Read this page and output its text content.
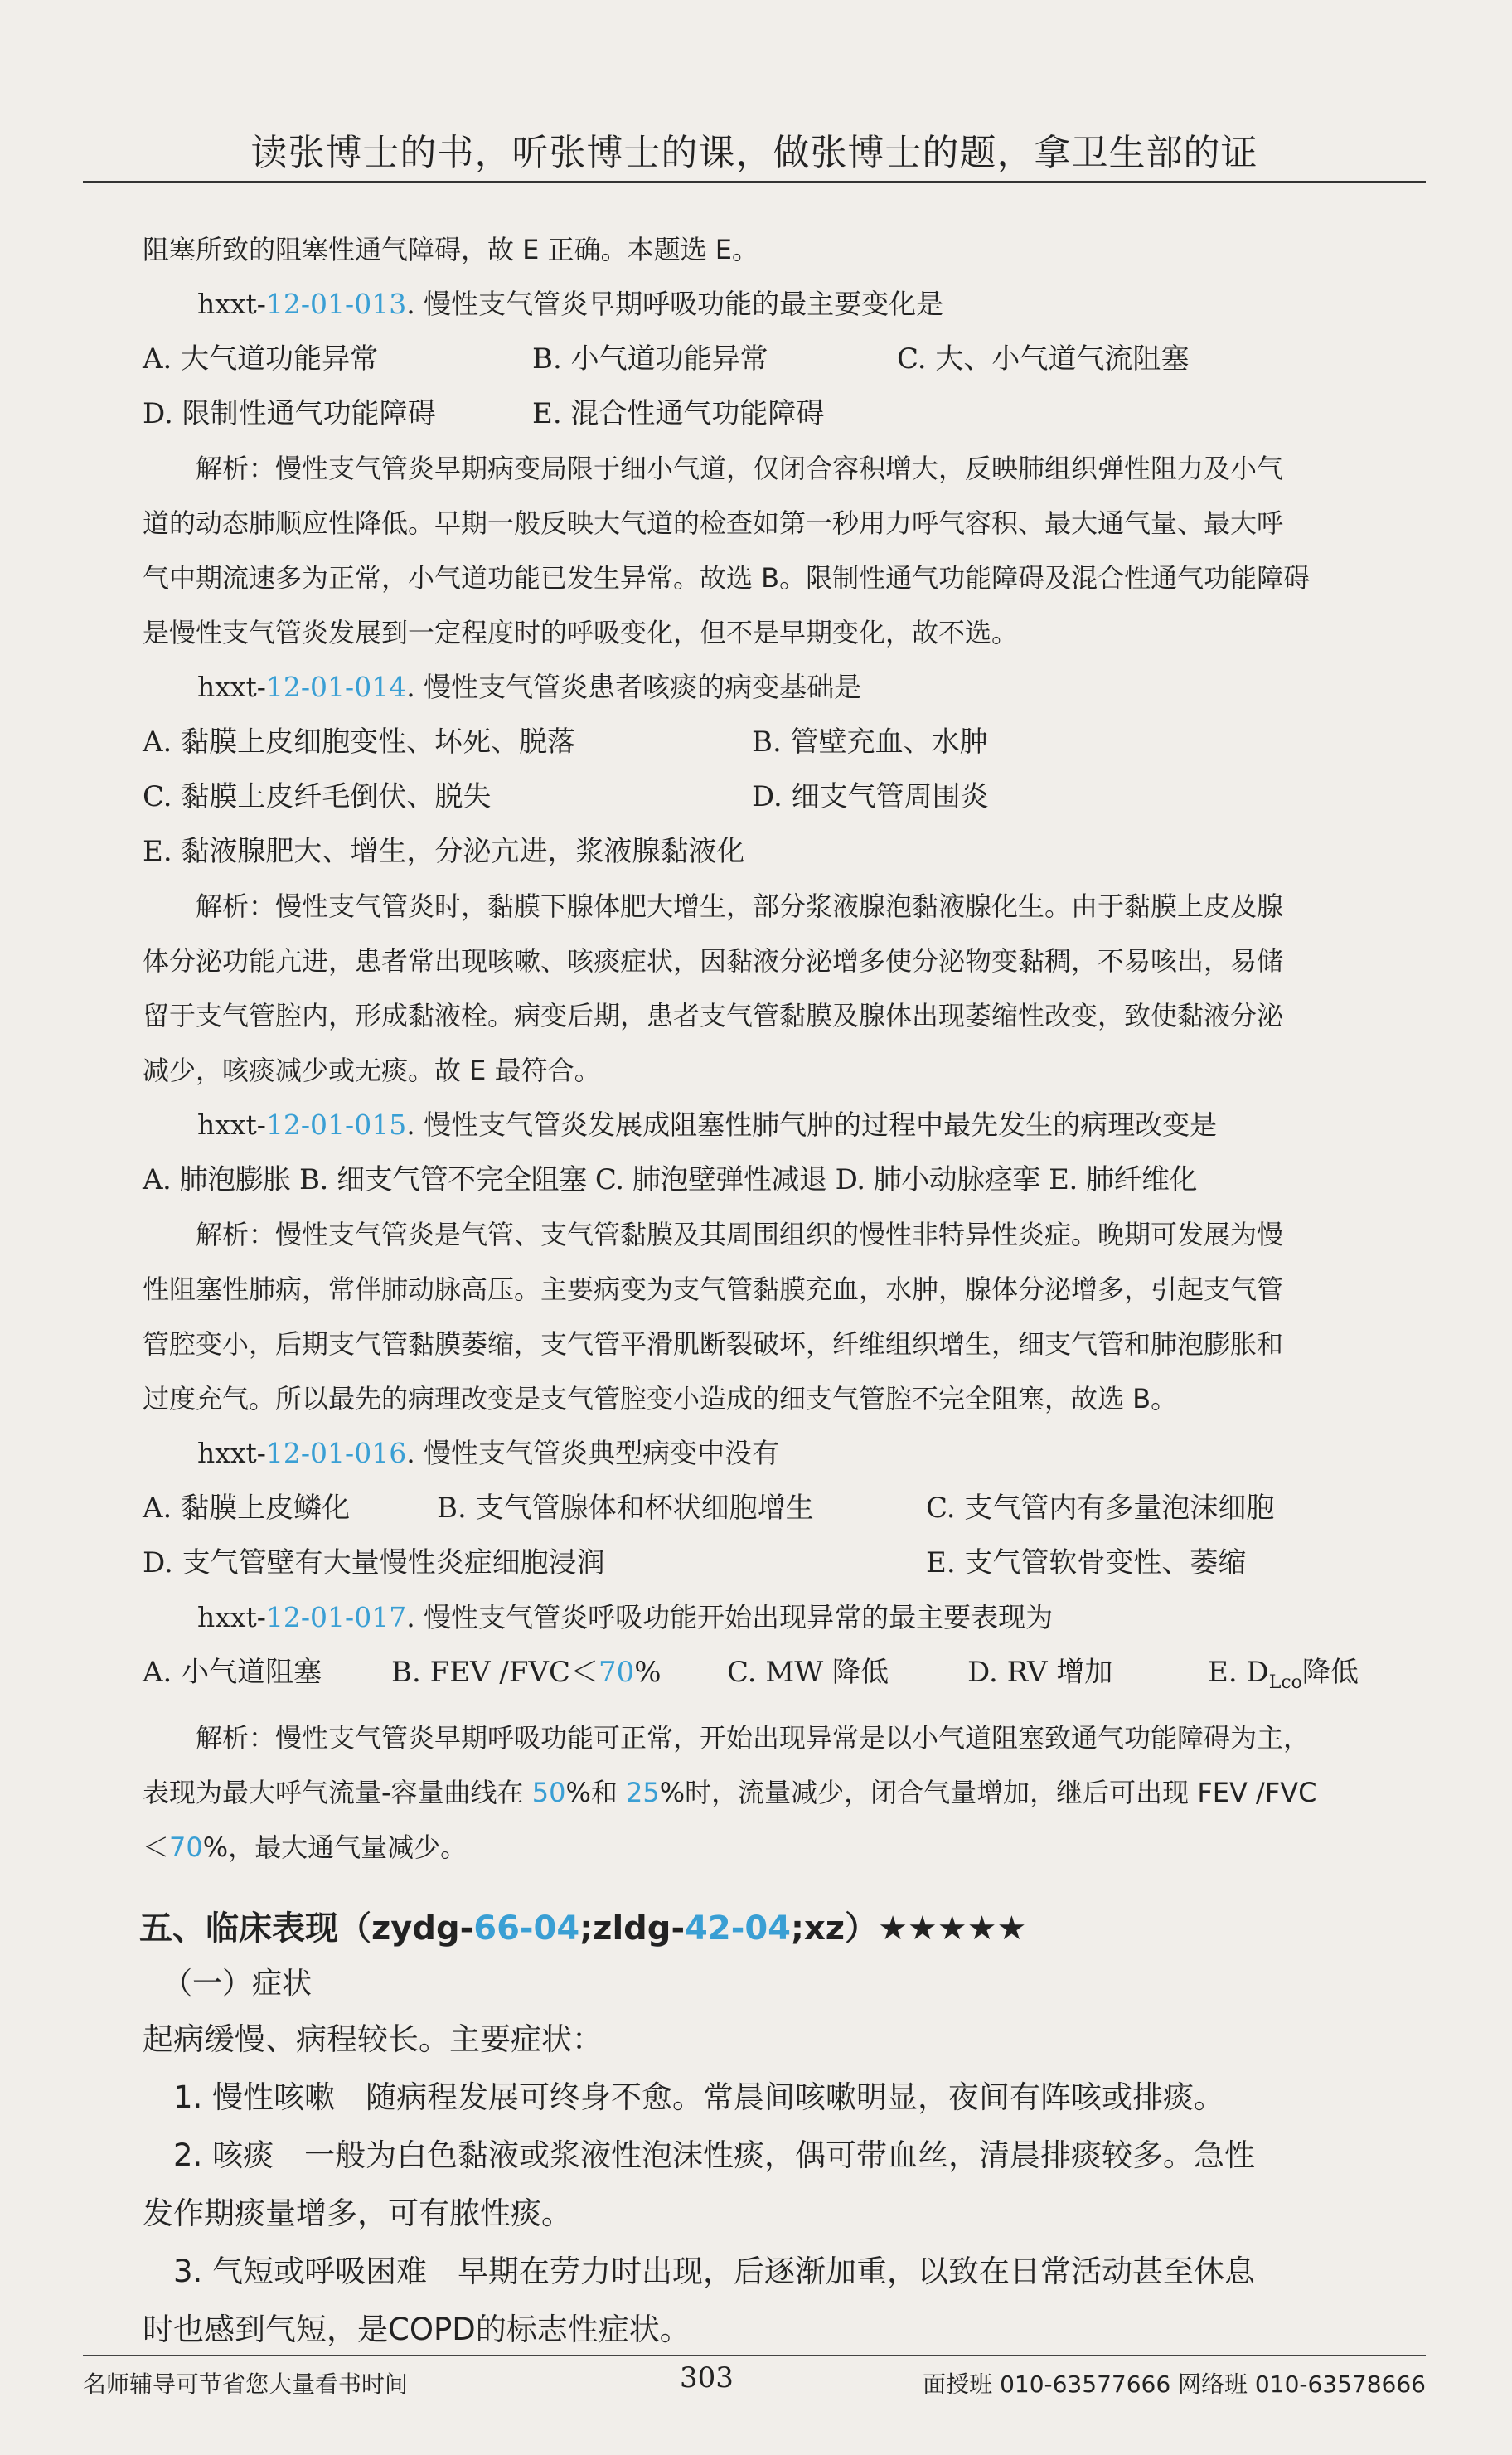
读张博士的书，听张博士的课，做张博士的题，拿卫生部的证
阻塞所致的阻塞性通气障碍，故 E 正确。本题选 E。
hxxt-12-01-013. 慢性支气管炎早期呼吸功能的最主要变化是
A. 大气道功能异常	B. 小气道功能异常	C. 大、小气道气流阻塞
D. 限制性通气功能障碍	E. 混合性通气功能障碍
解析：慢性支气管炎早期病变局限于细小气道，仅闭合容积增大，反映肺组织弹性阻力及小气
道的动态肺顺应性降低。早期一般反映大气道的检查如第一秒用力呼气容积、最大通气量、最大呼
气中期流速多为正常，小气道功能已发生异常。故选 B。限制性通气功能障碍及混合性通气功能障碍
是慢性支气管炎发展到一定程度时的呼吸变化，但不是早期变化，故不选。
hxxt-12-01-014. 慢性支气管炎患者咳痰的病变基础是
A. 黏膜上皮细胞变性、坏死、脱落	B. 管壁充血、水肿
C. 黏膜上皮纤毛倒伏、脱失	D. 细支气管周围炎
E. 黏液腺肥大、增生，分泌亢进，浆液腺黏液化
解析：慢性支气管炎时，黏膜下腺体肥大增生，部分浆液腺泡黏液腺化生。由于黏膜上皮及腺
体分泌功能亢进，患者常出现咳嗽、咳痰症状，因黏液分泌增多使分泌物变黏稠，不易咳出，易储
留于支气管腔内，形成黏液栓。病变后期，患者支气管黏膜及腺体出现萎缩性改变，致使黏液分泌
减少，咳痰减少或无痰。故 E 最符合。
hxxt-12-01-015. 慢性支气管炎发展成阻塞性肺气肿的过程中最先发生的病理改变是
A. 肺泡膨胀 B. 细支气管不完全阻塞 C. 肺泡壁弹性减退 D. 肺小动脉痉挛 E. 肺纤维化
解析：慢性支气管炎是气管、支气管黏膜及其周围组织的慢性非特异性炎症。晚期可发展为慢
性阻塞性肺病，常伴肺动脉高压。主要病变为支气管黏膜充血，水肿，腺体分泌增多，引起支气管
管腔变小，后期支气管黏膜萎缩，支气管平滑肌断裂破坏，纤维组织增生，细支气管和肺泡膨胀和
过度充气。所以最先的病理改变是支气管腔变小造成的细支气管腔不完全阻塞，故选 B。
hxxt-12-01-016. 慢性支气管炎典型病变中没有
A. 黏膜上皮鳞化	B. 支气管腺体和杯状细胞增生	C. 支气管内有多量泡沫细胞
D. 支气管壁有大量慢性炎症细胞浸润	E. 支气管软骨变性、萎缩
hxxt-12-01-017. 慢性支气管炎呼吸功能开始出现异常的最主要表现为
A. 小气道阻塞	B. FEV /FVC＜70%	C. MW 降低	D. RV 增加	E. $D_{Lco}$降低
解析：慢性支气管炎早期呼吸功能可正常，开始出现异常是以小气道阻塞致通气功能障碍为主，
表现为最大呼气流量-容量曲线在 50%和 25%时，流量减少，闭合气量增加，继后可出现 FEV /FVC
＜70%，最大通气量减少。
五、临床表现（zydg-66-04;zldg-42-04;xz）★★★★★
（一）症状
起病缓慢、病程较长。主要症状：
1. 慢性咳嗽　随病程发展可终身不愈。常晨间咳嗽明显，夜间有阵咳或排痰。
2. 咳痰　一般为白色黏液或浆液性泡沫性痰，偶可带血丝，清晨排痰较多。急性
发作期痰量增多，可有脓性痰。
3. 气短或呼吸困难　早期在劳力时出现，后逐渐加重，以致在日常活动甚至休息
时也感到气短，是COPD的标志性症状。
名师辅导可节省您大量看书时间	303	面授班 010-63577666 网络班 010-63578666
